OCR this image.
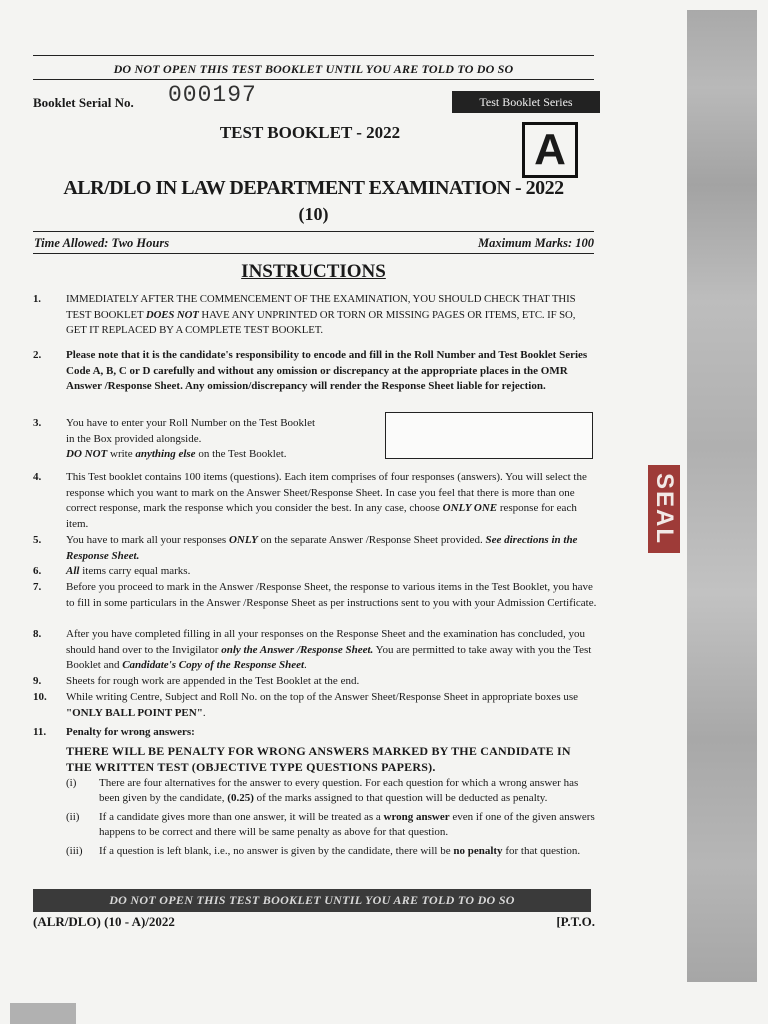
SEAL
DO NOT OPEN THIS TEST BOOKLET UNTIL YOU ARE TOLD TO DO SO
Booklet Serial No. 000197	Test Booklet Series
TEST BOOKLET - 2022	A
ALR/DLO IN LAW DEPARTMENT EXAMINATION - 2022
(10)
Time Allowed: Two Hours	Maximum Marks: 100
INSTRUCTIONS
1.	IMMEDIATELY AFTER THE COMMENCEMENT OF THE EXAMINATION, YOU SHOULD CHECK THAT THIS TEST BOOKLET DOES NOT HAVE ANY UNPRINTED OR TORN OR MISSING PAGES OR ITEMS, ETC. IF SO, GET IT REPLACED BY A COMPLETE TEST BOOKLET.
2.	Please note that it is the candidate's responsibility to encode and fill in the Roll Number and Test Booklet Series Code A, B, C or D carefully and without any omission or discrepancy at the appropriate places in the OMR Answer /Response Sheet. Any omission/discrepancy will render the Response Sheet liable for rejection.
3.	You have to enter your Roll Number on the Test Booklet in the Box provided alongside.
DO NOT write anything else on the Test Booklet.
4.	This Test booklet contains 100 items (questions). Each item comprises of four responses (answers). You will select the response which you want to mark on the Answer Sheet/Response Sheet. In case you feel that there is more than one correct response, mark the response which you consider the best. In any case, choose ONLY ONE response for each item.
5.	You have to mark all your responses ONLY on the separate Answer /Response Sheet provided. See directions in the Response Sheet.
6.	All items carry equal marks.
7.	Before you proceed to mark in the Answer /Response Sheet, the response to various items in the Test Booklet, you have to fill in some particulars in the Answer /Response Sheet as per instructions sent to you with your Admission Certificate.
8.	After you have completed filling in all your responses on the Response Sheet and the examination has concluded, you should hand over to the Invigilator only the Answer /Response Sheet. You are permitted to take away with you the Test Booklet and Candidate's Copy of the Response Sheet.
9.	Sheets for rough work are appended in the Test Booklet at the end.
10.	While writing Centre, Subject and Roll No. on the top of the Answer Sheet/Response Sheet in appropriate boxes use "ONLY BALL POINT PEN".
11.	Penalty for wrong answers:
THERE WILL BE PENALTY FOR WRONG ANSWERS MARKED BY THE CANDIDATE IN THE WRITTEN TEST (OBJECTIVE TYPE QUESTIONS PAPERS).
(i)	There are four alternatives for the answer to every question. For each question for which a wrong answer has been given by the candidate, (0.25) of the marks assigned to that question will be deducted as penalty.
(ii)	If a candidate gives more than one answer, it will be treated as a wrong answer even if one of the given answers happens to be correct and there will be same penalty as above for that question.
(iii)	If a question is left blank, i.e., no answer is given by the candidate, there will be no penalty for that question.
DO NOT OPEN THIS TEST BOOKLET UNTIL YOU ARE TOLD TO DO SO
(ALR/DLO) (10 - A)/2022	[P.T.O.
